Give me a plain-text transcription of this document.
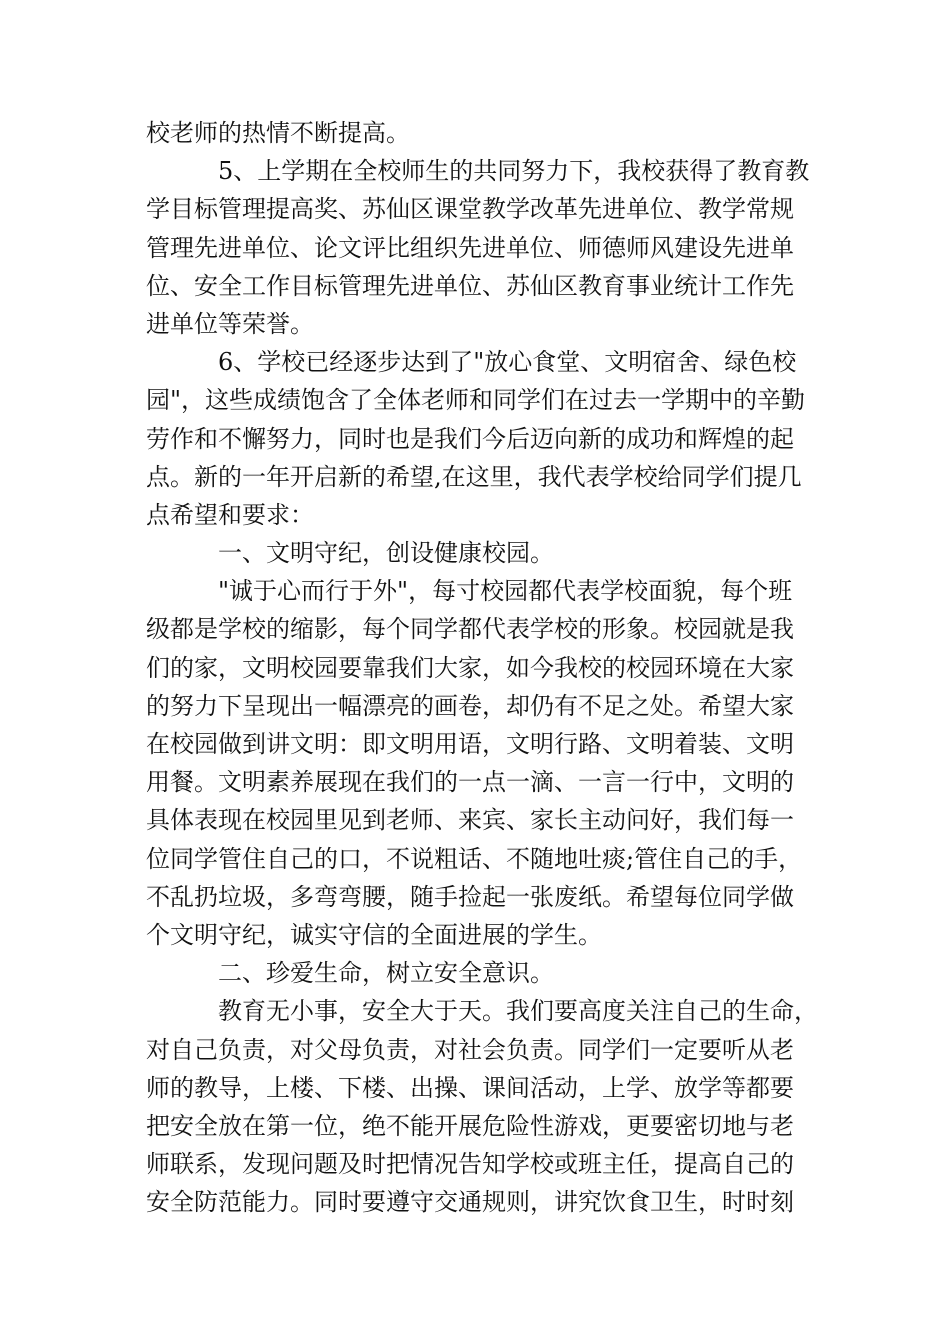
校老师的热情不断提高。
5、上学期在全校师生的共同努力下，我校获得了教育教
学目标管理提高奖、苏仙区课堂教学改革先进单位、教学常规
管理先进单位、论文评比组织先进单位、师德师风建设先进单
位、安全工作目标管理先进单位、苏仙区教育事业统计工作先
进单位等荣誉。
6、学校已经逐步达到了"放心食堂、文明宿舍、绿色校
园"，这些成绩饱含了全体老师和同学们在过去一学期中的辛勤
劳作和不懈努力，同时也是我们今后迈向新的成功和辉煌的起
点。新的一年开启新的希望,在这里，我代表学校给同学们提几
点希望和要求：
一、文明守纪，创设健康校园。
"诚于心而行于外"，每寸校园都代表学校面貌，每个班
级都是学校的缩影，每个同学都代表学校的形象。校园就是我
们的家，文明校园要靠我们大家，如今我校的校园环境在大家
的努力下呈现出一幅漂亮的画卷，却仍有不足之处。希望大家
在校园做到讲文明：即文明用语，文明行路、文明着装、文明
用餐。文明素养展现在我们的一点一滴、一言一行中，文明的
具体表现在校园里见到老师、来宾、家长主动问好，我们每一
位同学管住自己的口，不说粗话、不随地吐痰;管住自己的手，
不乱扔垃圾，多弯弯腰，随手捡起一张废纸。希望每位同学做
个文明守纪，诚实守信的全面进展的学生。
二、珍爱生命，树立安全意识。
教育无小事，安全大于天。我们要高度关注自己的生命，
对自己负责，对父母负责，对社会负责。同学们一定要听从老
师的教导，上楼、下楼、出操、课间活动，上学、放学等都要
把安全放在第一位，绝不能开展危险性游戏，更要密切地与老
师联系，发现问题及时把情况告知学校或班主任，提高自己的
安全防范能力。同时要遵守交通规则，讲究饮食卫生，时时刻
